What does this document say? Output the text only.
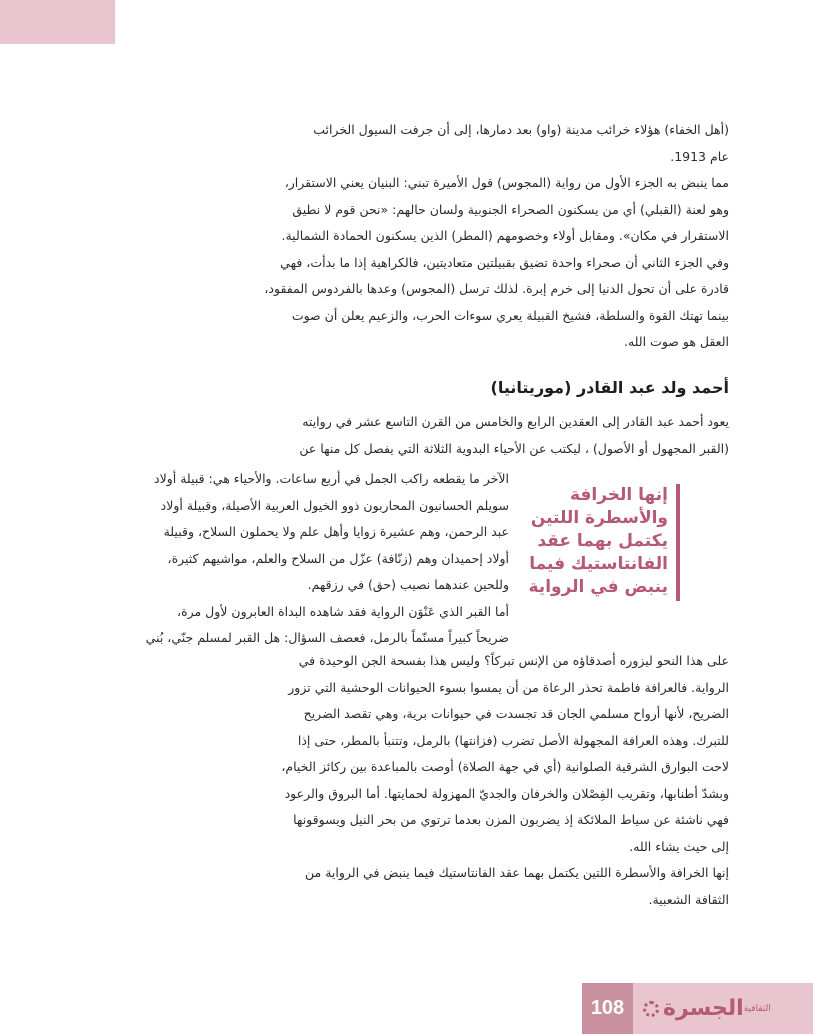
(أهل الخفاء) هؤلاء خرائب مدينة (واو) بعد دمارها، إلى أن جرفت السيول الخرائب

عام 1913.

مما ينبض به الجزء الأول من رواية (المجوس) قول الأميرة تبني: البنيان يعني الاستقرار،

وهو لعنة (القبلي) أي من يسكنون الصحراء الجنوبية ولسان حالهم: «نحن قوم لا نطيق

الاستقرار في مكان». ومقابل أولاء وخصومهم (المطر) الذين يسكنون الحمادة الشمالية.

وفي الجزء الثاني أن صحراء واحدة تضيق بقبيلتين متعاديتين، فالكراهية إذا ما بدأت، فهي

قادرة على أن تحول الدنيا إلى خرم إبرة. لذلك ترسل (المجوس) وعدها بالفردوس المفقود،

بينما تهتك القوة والسلطة، فشيخ القبيلة يعري سوءات الحرب، والزعيم يعلن أن صوت

العقل هو صوت الله.

أحمد ولد عبد القادر (موريتانيا)

يعود أحمد عبد القادر إلى العقدين الرابع والخامس من القرن التاسع عشر في روايته

(القبر المجهول أو الأصول) ، ليكتب عن الأحياء البدوية الثلاثة التي يفصل كل منها عن

الآخر ما يقطعه راكب الجمل في أربع ساعات. والأحياء هي: قبيلة أولاد

سويلم الحسانيون المحاربون ذوو الخيول العربية الأصيلة، وقبيلة أولاد

عبد الرحمن، وهم عشيرة زوايا وأهل علم ولا يحملون السلاح، وقبيلة

أولاد إحميدان وهم (زنّافة) عزّل من السلاح والعلم، مواشيهم كثيرة،

وللحين عندهما نصيب (حق) في رزقهم.

أما القبر الذي عَنْوَن الرواية فقد شاهده البداة العابرون لأول مرة،

ضريحاً كبيراً مسنّماً بالرمل، فعصف السؤال: هل القبر لمسلم جنّي، بُني

إنها الخرافة
والأسطرة اللتين
يكتمل بهما عقد
الفانتاستيك فيما
ينبض في الرواية

على هذا النحو ليزوره أصدقاؤه من الإنس تبركاً؟ وليس هذا بفسحة الجن الوحيدة في

الرواية. فالعرافة فاطمة تحذر الرعاة من أن يمسوا بسوء الحيوانات الوحشية التي تزور

الضريح، لأنها أرواح مسلمي الجان قد تجسدت في حيوانات برية، وهي تقصد الضريح

للتبرك. وهذه العرافة المجهولة الأصل تضرب (فزانتها) بالرمل، وتتنبأ بالمطر، حتى إذا

لاحت البوارق الشرقية الصلوانية (أي في جهة الصلاة) أوصت بالمباعدة بين ركائز الخيام،

وبشدّ أطنابها، وتقريب الفِصْلان والخرفان والجديّ المهزولة لحمايتها. أما البروق والرعود

فهي ناشئة عن سياط الملائكة إذ يضربون المزن بعدما ترتوي من بحر النيل ويسوقونها

إلى حيث يشاء الله.

إنها الخرافة والأسطرة اللتين يكتمل بهما عقد الفانتاستيك فيما ينبض في الرواية من

الثقافة الشعبية.

108 الجسرة الثقافية
